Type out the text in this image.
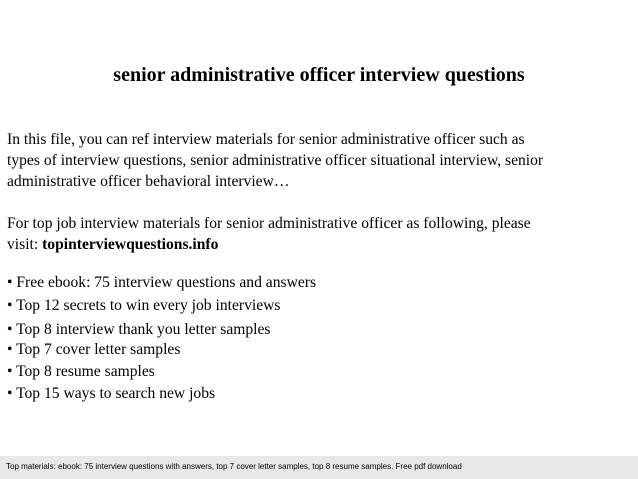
senior administrative officer interview questions
In this file, you can ref interview materials for senior administrative officer such as
types of interview questions, senior administrative officer situational interview, senior
administrative officer behavioral interview…
For top job interview materials for senior administrative officer as following, please
visit: topinterviewquestions.info
• Free ebook: 75 interview questions and answers
• Top 12 secrets to win every job interviews
• Top 8 interview thank you letter samples
• Top 7 cover letter samples
• Top 8 resume samples
• Top 15 ways to search new jobs
Top materials: ebook: 75 interview questions with answers, top 7 cover letter samples, top 8 resume samples. Free pdf download
